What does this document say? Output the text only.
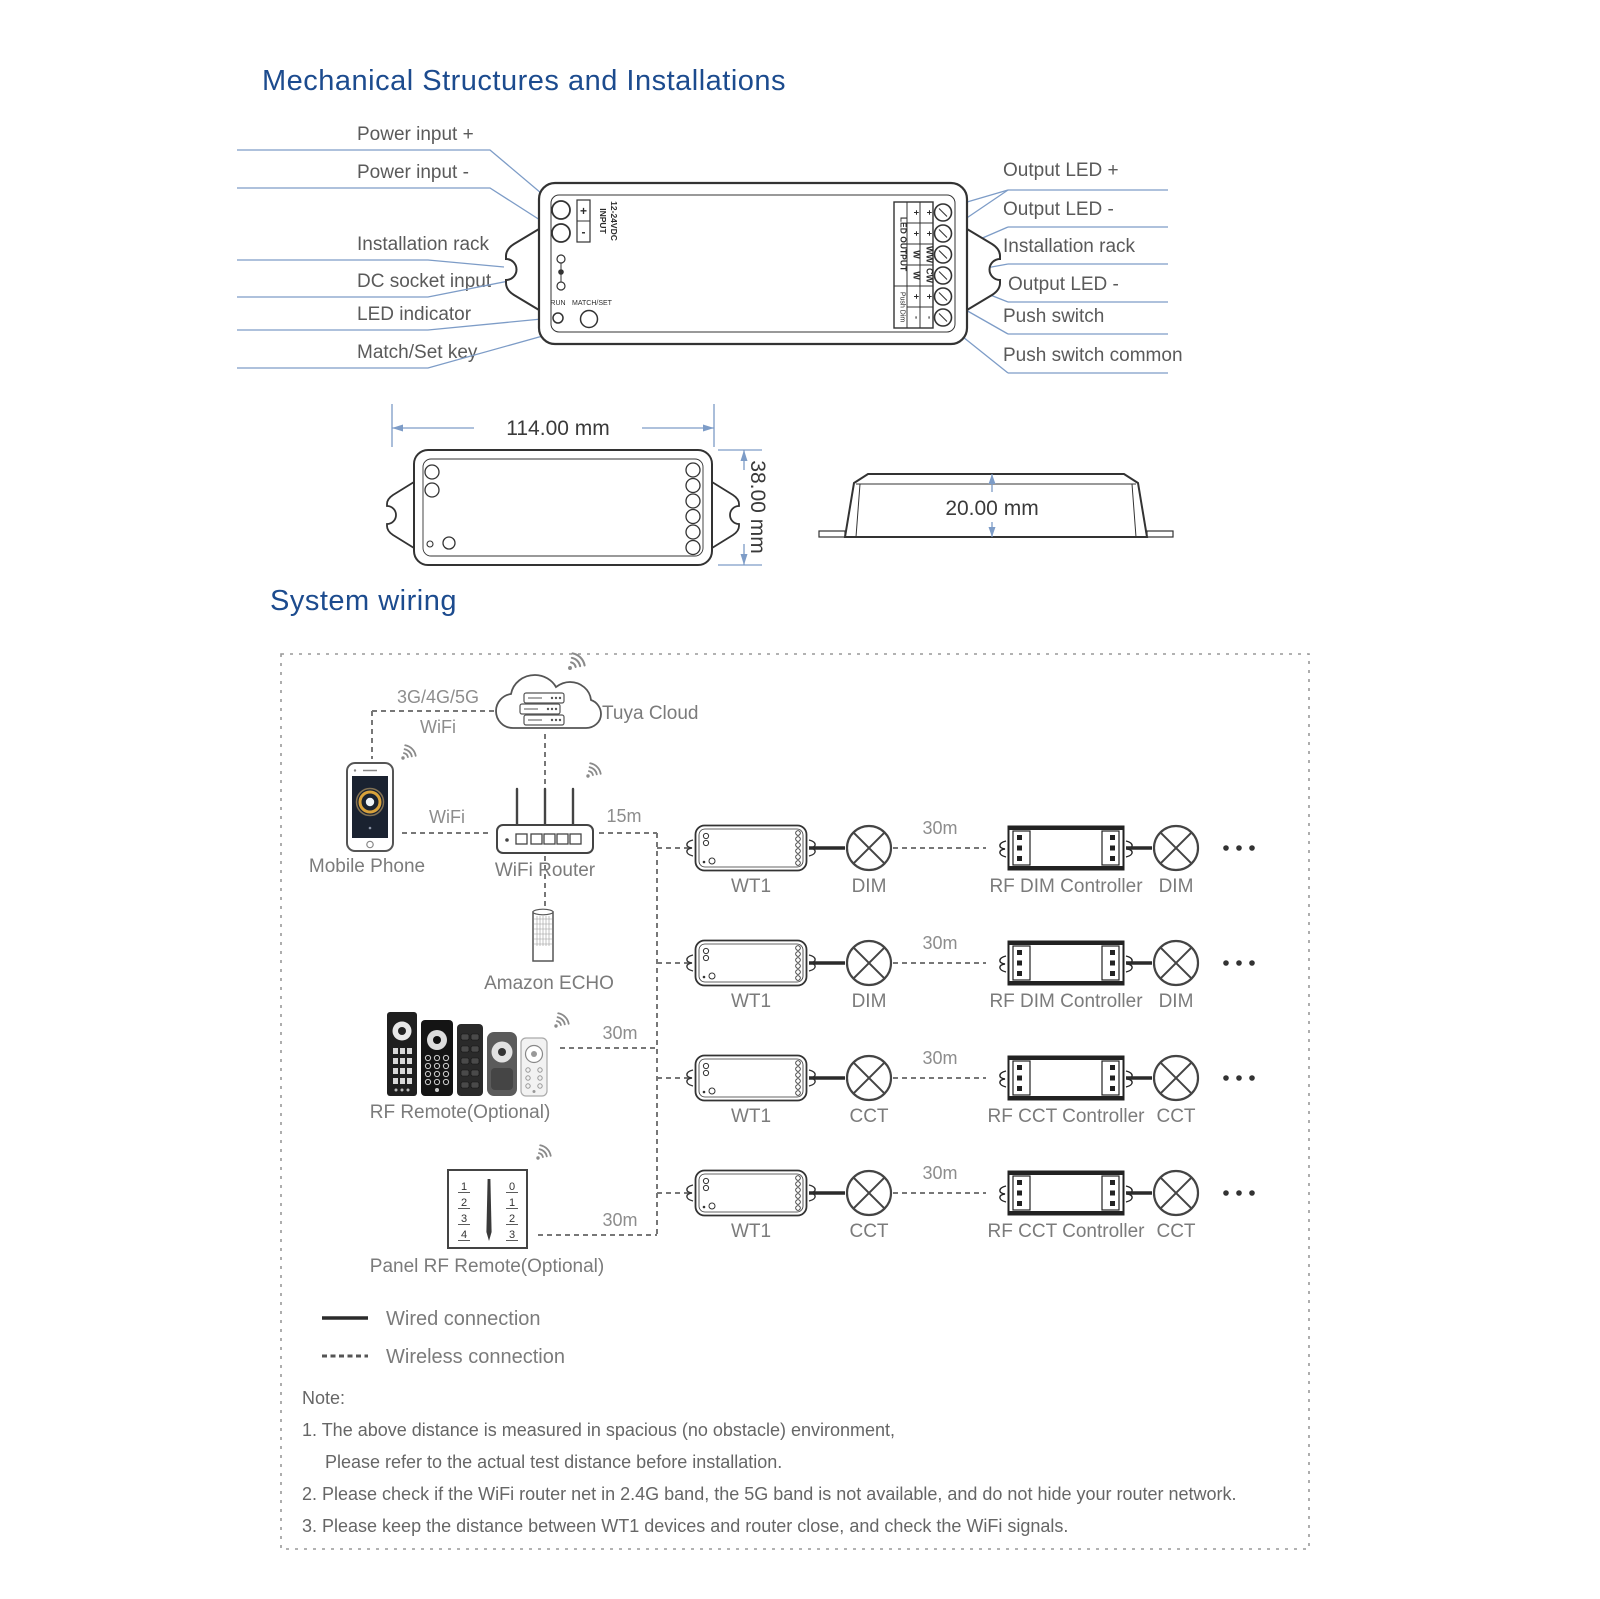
Mechanical Structures and Installations
Power input +
Power input -
Installation rack
DC socket input
LED indicator
Match/Set key
Output LED +
Output LED -
Installation rack
Output LED -
Push switch
Push switch common
+
- INPUT 12-24VDC
RUN MATCH/SET
LED OUTPUT
Push Dim
+ +
+ +
W WW
W CW
+ +
- -
114.00 mm
38.00 mm	20.00 mm
System wiring
3G/4G/5G
WiFi
Tuya Cloud
Mobile Phone
WiFi
WiFi Router
Amazon ECHO
15m
RF Remote(Optional)
30m
1
2
3
4
0
1
2
3
Panel RF Remote(Optional)
30m
30m
WT1	DIM	RF DIM Controller DIM
30m
WT1	DIM	RF DIM Controller DIM
30m
WT1	CCT	RF CCT Controller CCT
30m
WT1	CCT	RF CCT Controller CCT
Wired connection
Wireless connection
Note:
1. The above distance is measured in spacious (no obstacle) environment,
Please refer to the actual test distance before installation.
2. Please check if the WiFi router net in 2.4G band, the 5G band is not available, and do not hide your router network.
3. Please keep the distance between WT1 devices and router close, and check the WiFi signals.
